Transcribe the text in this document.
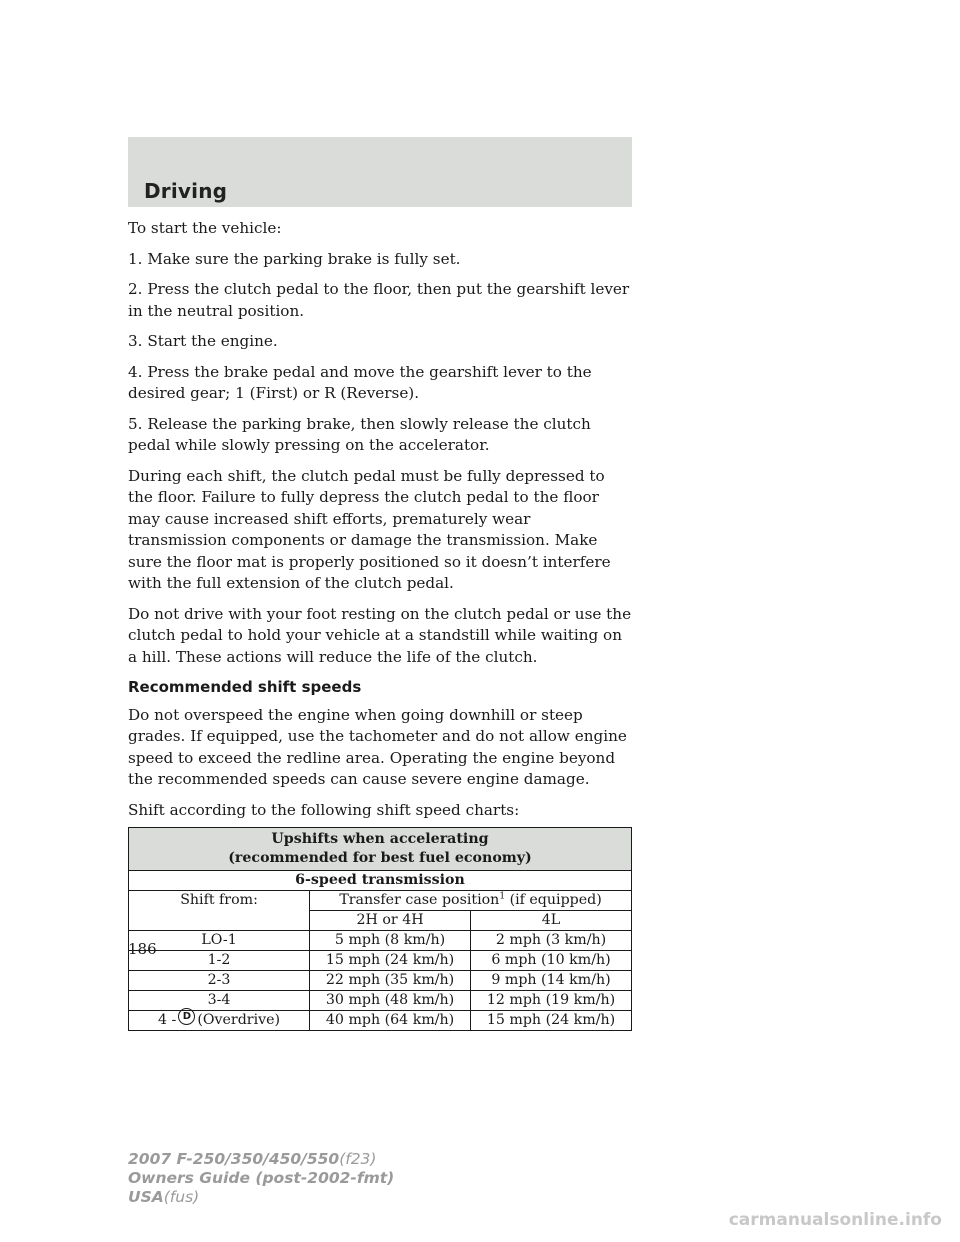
Driving

To start the vehicle:

1. Make sure the parking brake is fully set.

2. Press the clutch pedal to the floor, then put the gearshift lever in the neutral position.

3. Start the engine.

4. Press the brake pedal and move the gearshift lever to the desired gear; 1 (First) or R (Reverse).

5. Release the parking brake, then slowly release the clutch pedal while slowly pressing on the accelerator.

During each shift, the clutch pedal must be fully depressed to the floor. Failure to fully depress the clutch pedal to the floor may cause increased shift efforts, prematurely wear transmission components or damage the transmission. Make sure the floor mat is properly positioned so it doesn’t interfere with the full extension of the clutch pedal.

Do not drive with your foot resting on the clutch pedal or use the clutch pedal to hold your vehicle at a standstill while waiting on a hill. These actions will reduce the life of the clutch.

Recommended shift speeds

Do not overspeed the engine when going downhill or steep grades. If equipped, use the tachometer and do not allow engine speed to exceed the redline area. Operating the engine beyond the recommended speeds can cause severe engine damage.

Shift according to the following shift speed charts:

Upshifts when accelerating
(recommended for best fuel economy)		

6-speed transmission		
Shift from:	Transfer case position$^1$ (if equipped)	
	2H or 4H	4L
LO-1	5 mph (8 km/h)	2 mph (3 km/h)
1-2	15 mph (24 km/h)	6 mph (10 km/h)
2-3	22 mph (35 km/h)	9 mph (14 km/h)
3-4	30 mph (48 km/h)	12 mph (19 km/h)
4 - D (Overdrive)	40 mph (64 km/h)	15 mph (24 km/h)
186
2007 F-250/350/450/550(f23)
Owners Guide (post-2002-fmt)
USA(fus)
carmanualsonline.info
